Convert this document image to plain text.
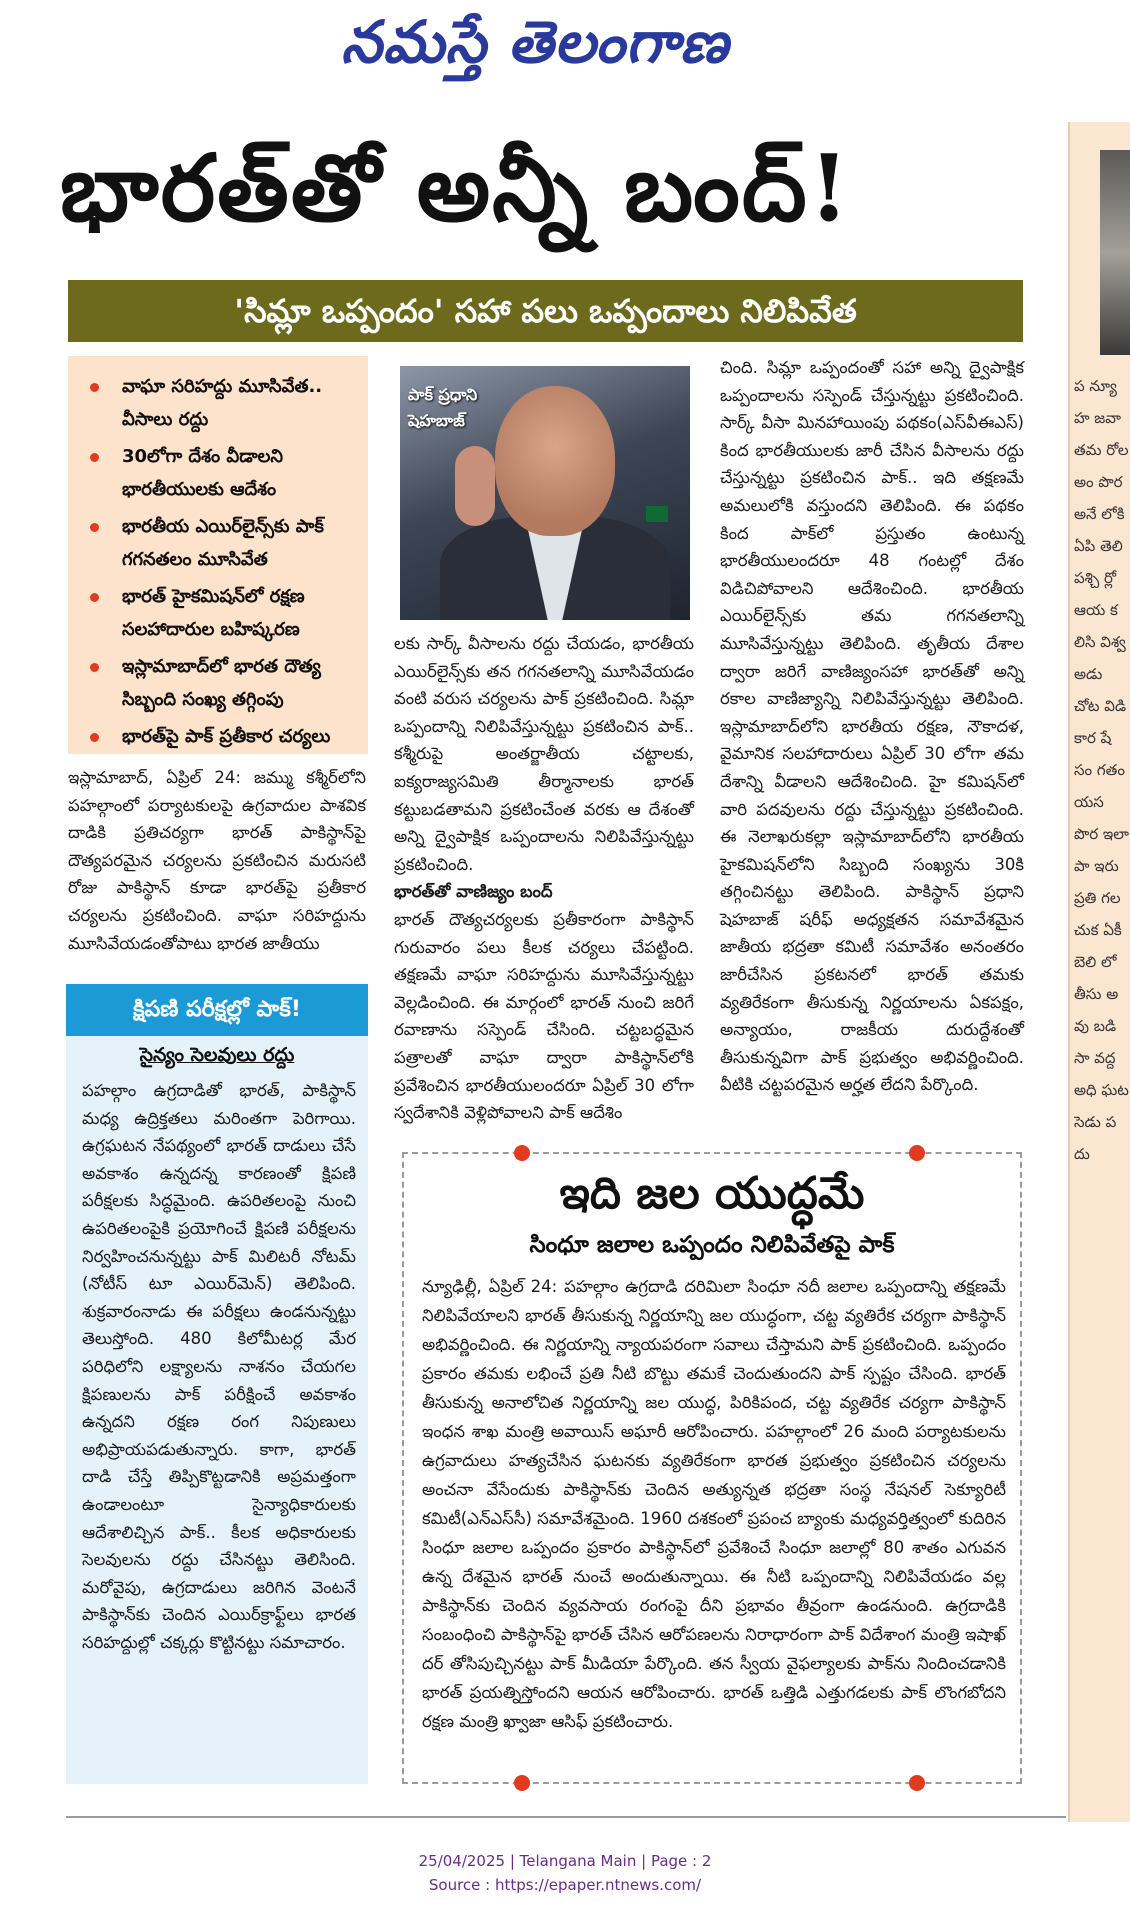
నమస్తే తెలంగాణ
ప న్యూ హ జవా తమ రోల అం పొర అనే లోకి ఏపి తెలి పశ్చి ర్లో ఆయ కలిసి విశ్వ అడు చోట విడి కార షే సం గతం యస పొర ఇలా పా ఇరు ప్రతి గల చుక ఏకీ బెలి లో తీసు అవు బడి సా వద్ద అధి ఘట సెడు పదు
భారత్‌తో అన్నీ బంద్!
'సిమ్లా ఒప్పందం' సహా పలు ఒప్పందాలు నిలిపివేత
వాఘా సరిహద్దు మూసివేత.. వీసాలు రద్దు
30లోగా దేశం వీడాలని భారతీయులకు ఆదేశం
భారతీయ ఎయిర్‌లైన్స్‌కు పాక్ గగనతలం మూసివేత
భారత్ హైకమిషన్‌లో రక్షణ సలహాదారుల బహిష్కరణ
ఇస్లామాబాద్‌లో భారత దౌత్య సిబ్బంది సంఖ్య తగ్గింపు
భారత్‌పై పాక్ ప్రతీకార చర్యలు
పాక్ ప్రధాని షెహబాజ్
ఇస్లామాబాద్, ఏప్రిల్ 24: జమ్ము కశ్మీర్‌లోని పహల్గాంలో పర్యాటకులపై ఉగ్రవాదుల పాశవిక దాడికి ప్రతిచర్యగా భారత్ పాకిస్థాన్‌పై దౌత్యపరమైన చర్యలను ప్రకటించిన మరుసటి రోజు పాకిస్థాన్ కూడా భారత్‌పై ప్రతీకార చర్యలను ప్రకటించింది. వాఘా సరిహద్దును మూసివేయడంతోపాటు భారత జాతీయు
లకు సార్క్ వీసాలను రద్దు చేయడం, భారతీయ ఎయిర్‌లైన్స్‌కు తన గగనతలాన్ని మూసివేయడం వంటి వరుస చర్యలను పాక్ ప్రకటించింది. సిమ్లా ఒప్పందాన్ని నిలిపివేస్తున్నట్టు ప్రకటించిన పాక్.. కశ్మీరుపై అంతర్జాతీయ చట్టాలకు, ఐక్యరాజ్యసమితి తీర్మానాలకు భారత్ కట్టుబడతామని ప్రకటించేంత వరకు ఆ దేశంతో అన్ని ద్వైపాక్షిక ఒప్పందాలను నిలిపివేస్తున్నట్టు ప్రకటించింది.
భారత్‌తో వాణిజ్యం బంద్
భారత్ దౌత్యచర్యలకు ప్రతీకారంగా పాకిస్థాన్ గురువారం పలు కీలక చర్యలు చేపట్టింది. తక్షణమే వాఘా సరిహద్దును మూసివేస్తున్నట్టు వెల్లడించింది. ఈ మార్గంలో భారత్ నుంచి జరిగే రవాణాను సస్పెండ్ చేసింది. చట్టబద్ధమైన పత్రాలతో వాఘా ద్వారా పాకిస్థాన్‌లోకి ప్రవేశించిన భారతీయులందరూ ఏప్రిల్ 30 లోగా స్వదేశానికి వెళ్లిపోవాలని పాక్ ఆదేశిం
చింది. సిమ్లా ఒప్పందంతో సహా అన్ని ద్వైపాక్షిక ఒప్పందాలను సస్పెండ్ చేస్తున్నట్టు ప్రకటించింది. సార్క్ వీసా మినహాయింపు పథకం(ఎస్‌వీఈఎస్) కింద భారతీయులకు జారీ చేసిన వీసాలను రద్దు చేస్తున్నట్టు ప్రకటించిన పాక్.. ఇది తక్షణమే అమలులోకి వస్తుందని తెలిపింది. ఈ పథకం కింద పాక్‌లో ప్రస్తుతం ఉంటున్న భారతీయులందరూ 48 గంటల్లో దేశం విడిచిపోవాలని ఆదేశించింది. భారతీయ ఎయిర్‌లైన్స్‌కు తమ గగనతలాన్ని మూసివేస్తున్నట్టు తెలిపింది. తృతీయ దేశాల ద్వారా జరిగే వాణిజ్యంసహా భారత్‌తో అన్ని రకాల వాణిజ్యాన్ని నిలిపివేస్తున్నట్టు తెలిపింది. ఇస్లామాబాద్‌లోని భారతీయ రక్షణ, నౌకాదళ, వైమానిక సలహాదారులు ఏప్రిల్ 30 లోగా తమ దేశాన్ని వీడాలని ఆదేశించింది. హై కమిషన్‌లో వారి పదవులను రద్దు చేస్తున్నట్టు ప్రకటించింది. ఈ నెలాఖరుకల్లా ఇస్లామాబాద్‌లోని భారతీయ హైకమిషన్‌లోని సిబ్బంది సంఖ్యను 30కి తగ్గించినట్టు తెలిపింది. పాకిస్థాన్ ప్రధాని షెహబాజ్ షరీఫ్ అధ్యక్షతన సమావేశమైన జాతీయ భద్రతా కమిటీ సమావేశం అనంతరం జారీచేసిన ప్రకటనలో భారత్ తమకు వ్యతిరేకంగా తీసుకున్న నిర్ణయాలను ఏకపక్షం, అన్యాయం, రాజకీయ దురుద్దేశంతో తీసుకున్నవిగా పాక్ ప్రభుత్వం అభివర్ణించింది. వీటికి చట్టపరమైన అర్హత లేదని పేర్కొంది.
క్షిపణి పరీక్షల్లో పాక్!
సైన్యం సెలవులు రద్దు
పహల్గాం ఉగ్రదాడితో భారత్, పాకిస్థాన్ మధ్య ఉద్రిక్తతలు మరింతగా పెరిగాయి. ఉగ్రఘటన నేపథ్యంలో భారత్ దాడులు చేసే అవకాశం ఉన్నదన్న కారణంతో క్షిపణి పరీక్షలకు సిద్ధమైంది. ఉపరితలంపై నుంచి ఉపరితలంపైకి ప్రయోగించే క్షిపణి పరీక్షలను నిర్వహించనున్నట్టు పాక్ మిలిటరీ నోటమ్ (నోటీస్ టూ ఎయిర్‌మెన్) తెలిపింది. శుక్రవారంనాడు ఈ పరీక్షలు ఉండనున్నట్టు తెలుస్తోంది. 480 కిలోమీటర్ల మేర పరిధిలోని లక్ష్యాలను నాశనం చేయగల క్షిపణులను పాక్ పరీక్షించే అవకాశం ఉన్నదని రక్షణ రంగ నిపుణులు అభిప్రాయపడుతున్నారు. కాగా, భారత్ దాడి చేస్తే తిప్పికొట్టడానికి అప్రమత్తంగా ఉండాలంటూ సైన్యాధికారులకు ఆదేశాలిచ్చిన పాక్.. కీలక అధికారులకు సెలవులను రద్దు చేసినట్టు తెలిసింది. మరోవైపు, ఉగ్రదాడులు జరిగిన వెంటనే పాకిస్థాన్‌కు చెందిన ఎయిర్‌క్రాఫ్ట్‌లు భారత సరిహద్దుల్లో చక్కర్లు కొట్టినట్టు సమాచారం.
ఇది జల యుద్ధమే
సింధూ జలాల ఒప్పందం నిలిపివేతపై పాక్
న్యూఢిల్లీ, ఏప్రిల్ 24: పహల్గాం ఉగ్రదాడి దరిమిలా సింధూ నదీ జలాల ఒప్పందాన్ని తక్షణమే నిలిపివేయాలని భారత్ తీసుకున్న నిర్ణయాన్ని జల యుద్ధంగా, చట్ట వ్యతిరేక చర్యగా పాకిస్థాన్ అభివర్ణించింది. ఈ నిర్ణయాన్ని న్యాయపరంగా సవాలు చేస్తామని పాక్ ప్రకటించింది. ఒప్పందం ప్రకారం తమకు లభించే ప్రతి నీటి బొట్టు తమకే చెందుతుందని పాక్ స్పష్టం చేసింది. భారత్ తీసుకున్న అనాలోచిత నిర్ణయాన్ని జల యుద్ధ, పిరికిపంద, చట్ట వ్యతిరేక చర్యగా పాకిస్థాన్ ఇంధన శాఖ మంత్రి అవాయిస్ అఘారీ ఆరోపించారు. పహల్గాంలో 26 మంది పర్యాటకులను ఉగ్రవాదులు హత్యచేసిన ఘటనకు వ్యతిరేకంగా భారత ప్రభుత్వం ప్రకటించిన చర్యలను అంచనా వేసేందుకు పాకిస్థాన్‌కు చెందిన అత్యున్నత భద్రతా సంస్థ నేషనల్ సెక్యూరిటీ కమిటీ(ఎన్ఎస్‌సీ) సమావేశమైంది. 1960 దశకంలో ప్రపంచ బ్యాంకు మధ్యవర్తిత్వంలో కుదిరిన సింధూ జలాల ఒప్పందం ప్రకారం పాకిస్థాన్‌లో ప్రవేశించే సింధూ జలాల్లో 80 శాతం ఎగువన ఉన్న దేశమైన భారత్ నుంచే అందుతున్నాయి. ఈ నీటి ఒప్పందాన్ని నిలిపివేయడం వల్ల పాకిస్థాన్‌కు చెందిన వ్యవసాయ రంగంపై దీని ప్రభావం తీవ్రంగా ఉండనుంది. ఉగ్రదాడికి సంబంధించి పాకిస్థాన్‌పై భారత్ చేసిన ఆరోపణలను నిరాధారంగా పాక్ విదేశాంగ మంత్రి ఇషాఖ్ దర్ తోసిపుచ్చినట్టు పాక్ మీడియా పేర్కొంది. తన స్వీయ వైఫల్యాలకు పాక్‌ను నిందించడానికి భారత్ ప్రయత్నిస్తోందని ఆయన ఆరోపించారు. భారత్ ఒత్తిడి ఎత్తుగడలకు పాక్ లొంగబోదని రక్షణ మంత్రి ఖ్వాజా ఆసిఫ్ ప్రకటించారు.
25/04/2025 | Telangana Main | Page : 2
Source : https://epaper.ntnews.com/
